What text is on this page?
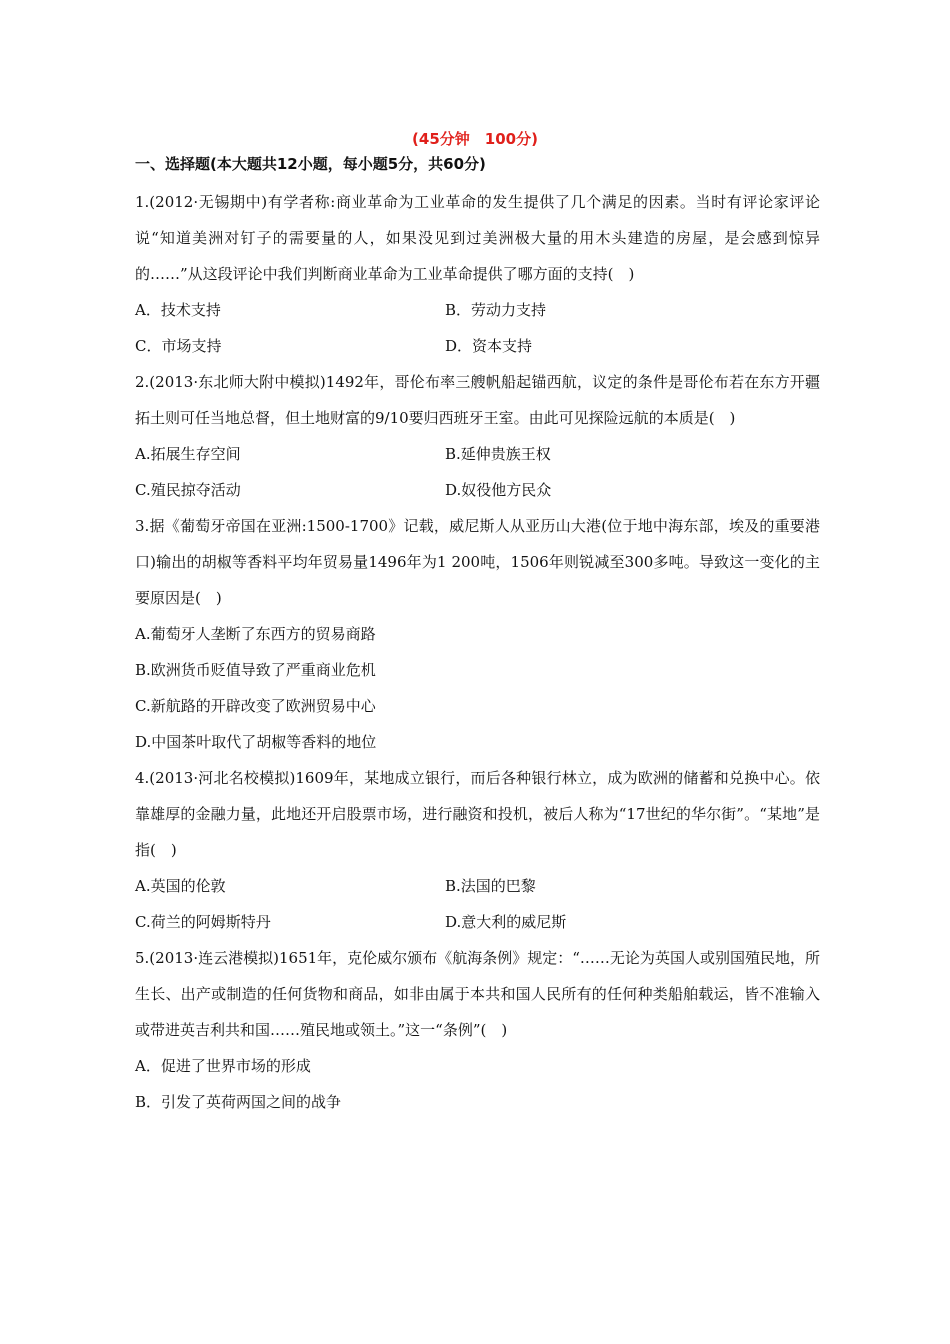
(45分钟　100分)
一、选择题(本大题共12小题，每小题5分，共60分)
1.(2012·无锡期中)有学者称:商业革命为工业革命的发生提供了几个满足的因素。当时有评论家评论说“知道美洲对钉子的需要量的人，如果没见到过美洲极大量的用木头建造的房屋，是会感到惊异的……”从这段评论中我们判断商业革命为工业革命提供了哪方面的支持(　)
A．技术支持	B．劳动力支持
C．市场支持	D．资本支持
2.(2013·东北师大附中模拟)1492年，哥伦布率三艘帆船起锚西航，议定的条件是哥伦布若在东方开疆拓土则可任当地总督，但土地财富的9/10要归西班牙王室。由此可见探险远航的本质是(　)
A.拓展生存空间	B.延伸贵族王权
C.殖民掠夺活动	D.奴役他方民众
3.据《葡萄牙帝国在亚洲:1500-1700》记载，威尼斯人从亚历山大港(位于地中海东部，埃及的重要港口)输出的胡椒等香料平均年贸易量1496年为1 200吨，1506年则锐减至300多吨。导致这一变化的主要原因是(　)
A.葡萄牙人垄断了东西方的贸易商路
B.欧洲货币贬值导致了严重商业危机
C.新航路的开辟改变了欧洲贸易中心
D.中国茶叶取代了胡椒等香料的地位
4.(2013·河北名校模拟)1609年，某地成立银行，而后各种银行林立，成为欧洲的储蓄和兑换中心。依靠雄厚的金融力量，此地还开启股票市场，进行融资和投机，被后人称为“17世纪的华尔街”。“某地”是指(　)
A.英国的伦敦	B.法国的巴黎
C.荷兰的阿姆斯特丹	D.意大利的威尼斯
5.(2013·连云港模拟)1651年，克伦威尔颁布《航海条例》规定：“……无论为英国人或别国殖民地，所生长、出产或制造的任何货物和商品，如非由属于本共和国人民所有的任何种类船舶载运，皆不准输入或带进英吉利共和国……殖民地或领土。”这一“条例”(　)
A．促进了世界市场的形成
B．引发了英荷两国之间的战争
